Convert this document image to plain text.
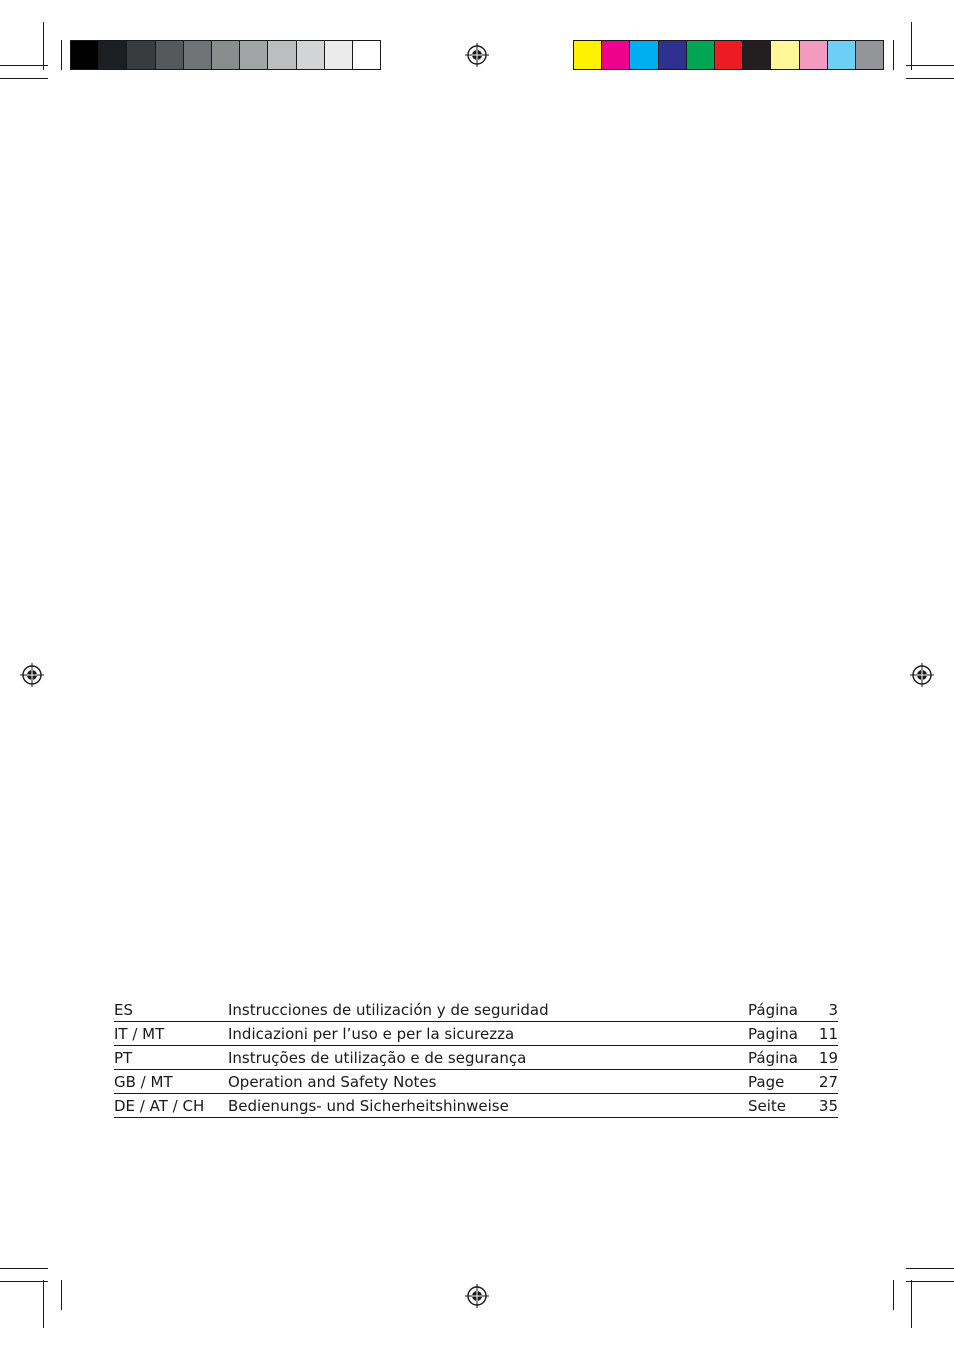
ES	Instrucciones de utilización y de seguridad	Página	3
IT / MT	Indicazioni per l’uso e per la sicurezza	Pagina	11
PT	Instruções de utilização e de segurança	Página	19
GB / MT	Operation and Safety Notes	Page	27
DE / AT / CH	Bedienungs- und Sicherheitshinweise	Seite	35
